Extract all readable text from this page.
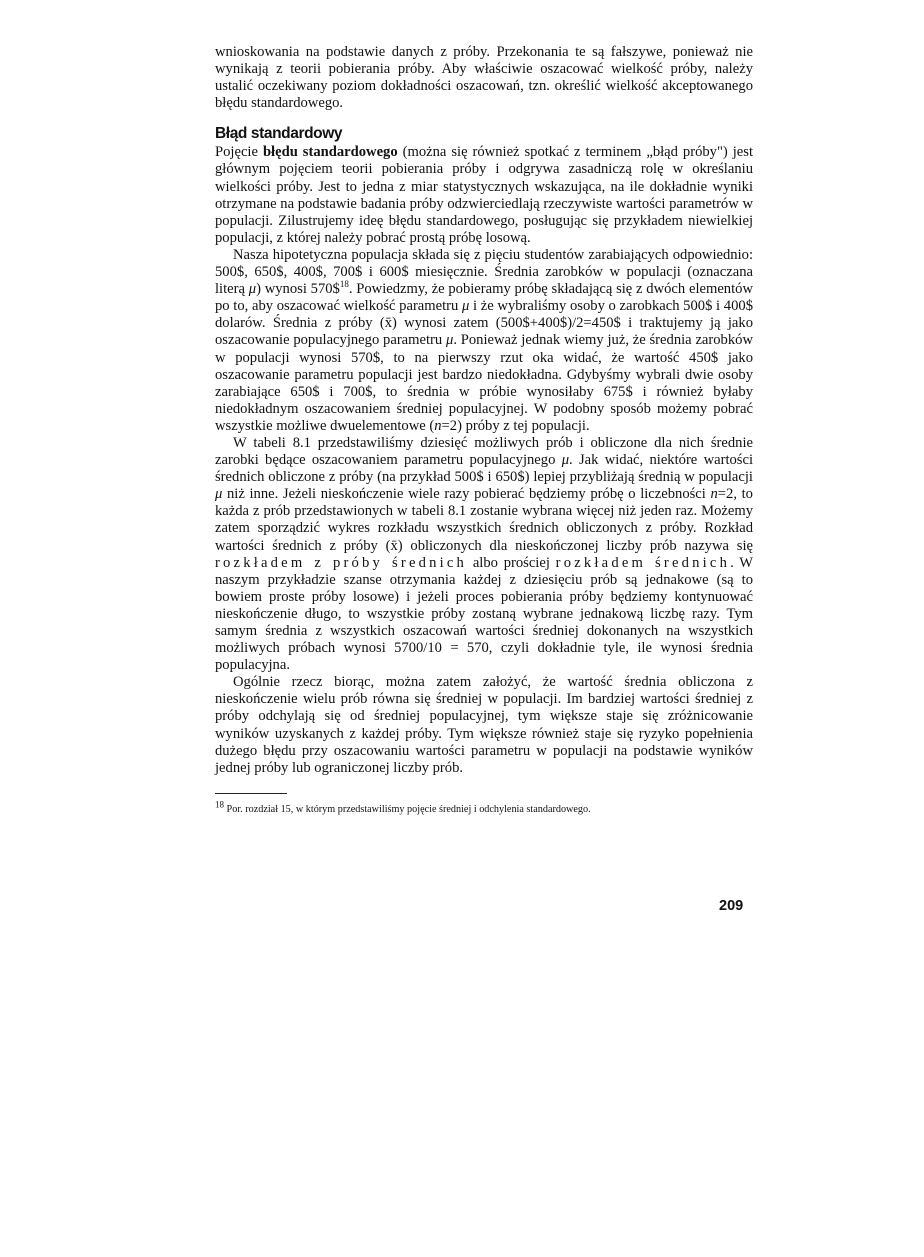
wnioskowania na podstawie danych z próby. Przekonania te są fałszywe, ponieważ nie wynikają z teorii pobierania próby. Aby właściwie oszacować wielkość próby, należy ustalić oczekiwany poziom dokładności oszacowań, tzn. określić wielkość akceptowanego błędu standardowego.

Błąd standardowy

Pojęcie błędu standardowego (można się również spotkać z terminem „błąd próby") jest głównym pojęciem teorii pobierania próby i odgrywa zasadniczą rolę w określaniu wielkości próby. Jest to jedna z miar statystycznych wskazująca, na ile dokładnie wyniki otrzymane na podstawie badania próby odzwierciedlają rzeczywiste wartości parametrów w populacji. Zilustrujemy ideę błędu standardowego, posługując się przykładem niewielkiej populacji, z której należy pobrać prostą próbę losową.

Nasza hipotetyczna populacja składa się z pięciu studentów zarabiających odpowiednio: 500$, 650$, 400$, 700$ i 600$ miesięcznie. Średnia zarobków w populacji (oznaczana literą μ) wynosi 570\$$^{18}$. Powiedzmy, że pobieramy próbę składającą się z dwóch elementów po to, aby oszacować wielkość parametru μ i że wybraliśmy osoby o zarobkach 500$ i 400$ dolarów. Średnia z próby (x̄) wynosi zatem (500$+400$)/2=450$ i traktujemy ją jako oszacowanie populacyjnego parametru μ. Ponieważ jednak wiemy już, że średnia zarobków w populacji wynosi 570$, to na pierwszy rzut oka widać, że wartość 450$ jako oszacowanie parametru populacji jest bardzo niedokładna. Gdybyśmy wybrali dwie osoby zarabiające 650$ i 700$, to średnia w próbie wynosiłaby 675$ i również byłaby niedokładnym oszacowaniem średniej populacyjnej. W podobny sposób możemy pobrać wszystkie możliwe dwuelementowe (n=2) próby z tej populacji.

W tabeli 8.1 przedstawiliśmy dziesięć możliwych prób i obliczone dla nich średnie zarobki będące oszacowaniem parametru populacyjnego μ. Jak widać, niektóre wartości średnich obliczone z próby (na przykład 500$ i 650$) lepiej przybliżają średnią w populacji μ niż inne. Jeżeli nieskończenie wiele razy pobierać będziemy próbę o liczebności n=2, to każda z prób przedstawionych w tabeli 8.1 zostanie wybrana więcej niż jeden raz. Możemy zatem sporządzić wykres rozkładu wszystkich średnich obliczonych z próby. Rozkład wartości średnich z próby (x̄) obliczonych dla nieskończonej liczby prób nazywa się rozkładem z próby średnich albo prościej rozkładem średnich. W naszym przykładzie szanse otrzymania każdej z dziesięciu prób są jednakowe (są to bowiem proste próby losowe) i jeżeli proces pobierania próby będziemy kontynuować nieskończenie długo, to wszystkie próby zostaną wybrane jednakową liczbę razy. Tym samym średnia z wszystkich oszacowań wartości średniej dokonanych na wszystkich możliwych próbach wynosi 5700/10 = 570, czyli dokładnie tyle, ile wynosi średnia populacyjna.

Ogólnie rzecz biorąc, można zatem założyć, że wartość średnia obliczona z nieskończenie wielu prób równa się średniej w populacji. Im bardziej wartości średniej z próby odchylają się od średniej populacyjnej, tym większe staje się zróżnicowanie wyników uzyskanych z każdej próby. Tym większe również staje się ryzyko popełnienia dużego błędu przy oszacowaniu wartości parametru w populacji na podstawie wyników jednej próby lub ograniczonej liczby prób.

$^{18}$ Por. rozdział 15, w którym przedstawiliśmy pojęcie średniej i odchylenia standardowego.
209
